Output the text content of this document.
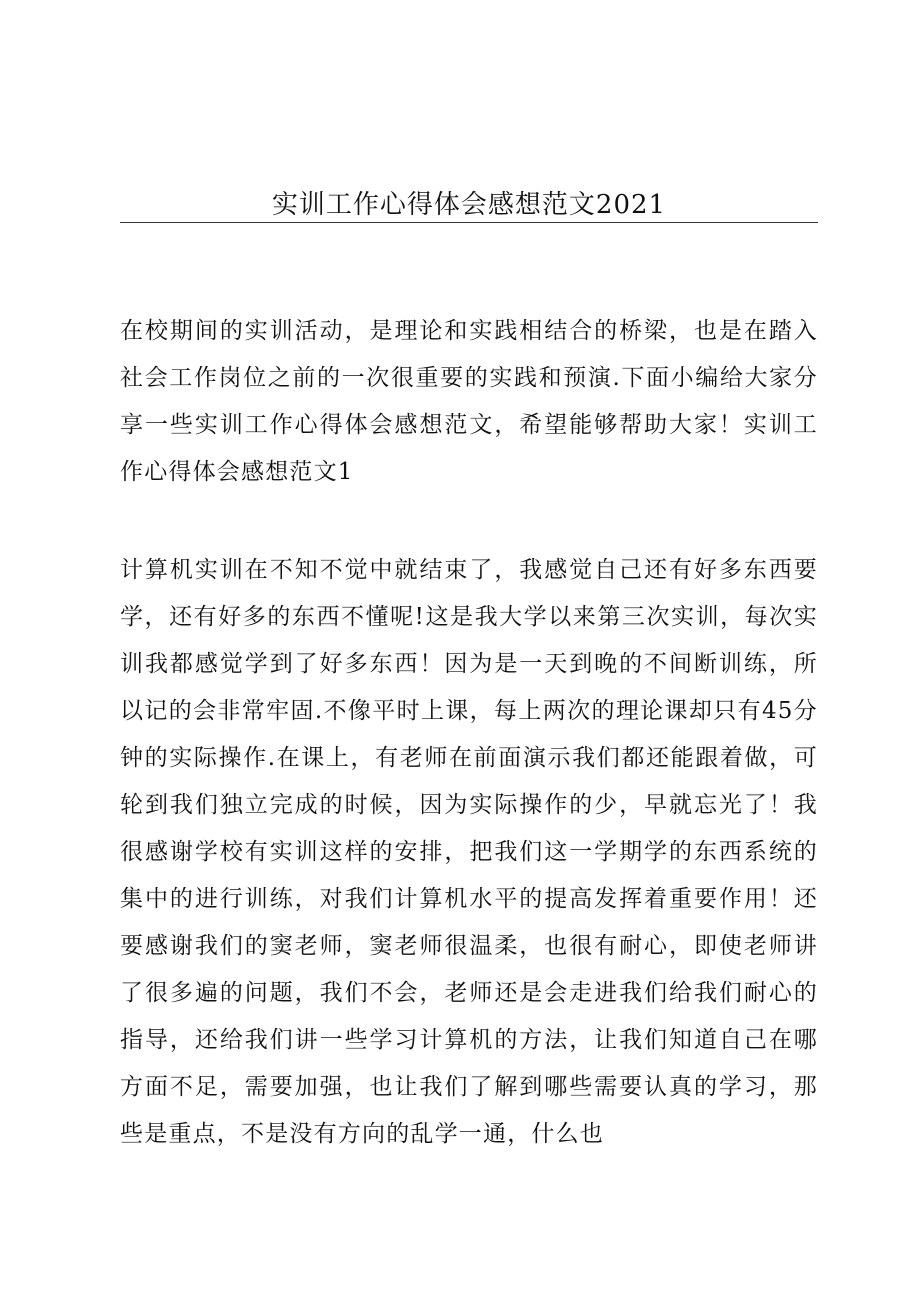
实训工作心得体会感想范文2021

在校期间的实训活动，是理论和实践相结合的桥梁，也是在踏入社会工作岗位之前的一次很重要的实践和预演.下面小编给大家分享一些实训工作心得体会感想范文，希望能够帮助大家！实训工作心得体会感想范文1

计算机实训在不知不觉中就结束了，我感觉自己还有好多东西要学，还有好多的东西不懂呢!这是我大学以来第三次实训，每次实训我都感觉学到了好多东西！因为是一天到晚的不间断训练，所以记的会非常牢固.不像平时上课，每上两次的理论课却只有45分钟的实际操作.在课上，有老师在前面演示我们都还能跟着做，可轮到我们独立完成的时候，因为实际操作的少，早就忘光了！我很感谢学校有实训这样的安排，把我们这一学期学的东西系统的集中的进行训练，对我们计算机水平的提高发挥着重要作用！还要感谢我们的窦老师，窦老师很温柔，也很有耐心，即使老师讲了很多遍的问题，我们不会，老师还是会走进我们给我们耐心的指导，还给我们讲一些学习计算机的方法，让我们知道自己在哪方面不足，需要加强，也让我们了解到哪些需要认真的学习，那些是重点，不是没有方向的乱学一通，什么也
